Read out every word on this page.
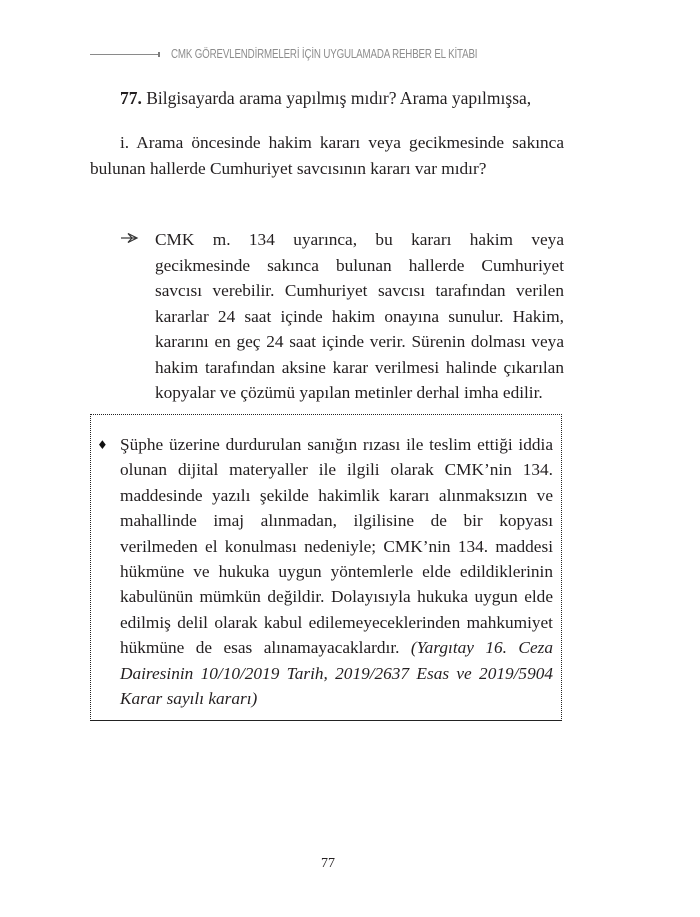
CMK GÖREVLENDİRMELERİ İÇİN UYGULAMADA REHBER EL KİTABI
77. Bilgisayarda arama yapılmış mıdır? Arama yapılmışsa,
i. Arama öncesinde hakim kararı veya gecikmesinde sakınca bulunan hallerde Cumhuriyet savcısının kararı var mıdır?
CMK m. 134 uyarınca, bu kararı hakim veya gecikmesinde sakınca bulunan hallerde Cumhuriyet savcısı verebilir. Cumhuriyet savcısı tarafından verilen kararlar 24 saat içinde hakim onayına sunulur. Hakim, kararını en geç 24 saat içinde verir. Sürenin dolması veya hakim tarafından aksine karar verilmesi halinde çıkarılan kopyalar ve çözümü yapılan metinler derhal imha edilir.
♦ Şüphe üzerine durdurulan sanığın rızası ile teslim ettiği iddia olunan dijital materyaller ile ilgili olarak CMK’nin 134. maddesinde yazılı şekilde hakimlik kararı alınmaksızın ve mahallinde imaj alınmadan, ilgilisine de bir kopyası verilmeden el konulması nedeniyle; CMK’nin 134. maddesi hükmüne ve hukuka uygun yöntemlerle elde edildiklerinin kabulünün mümkün değildir. Dolayısıyla hukuka uygun elde edilmiş delil olarak kabul edilemeyeceklerinden mahkumiyet hükmüne de esas alınamayacaklardır. (Yargıtay 16. Ceza Dairesinin 10/10/2019 Tarih, 2019/2637 Esas ve 2019/5904 Karar sayılı kararı)
77
